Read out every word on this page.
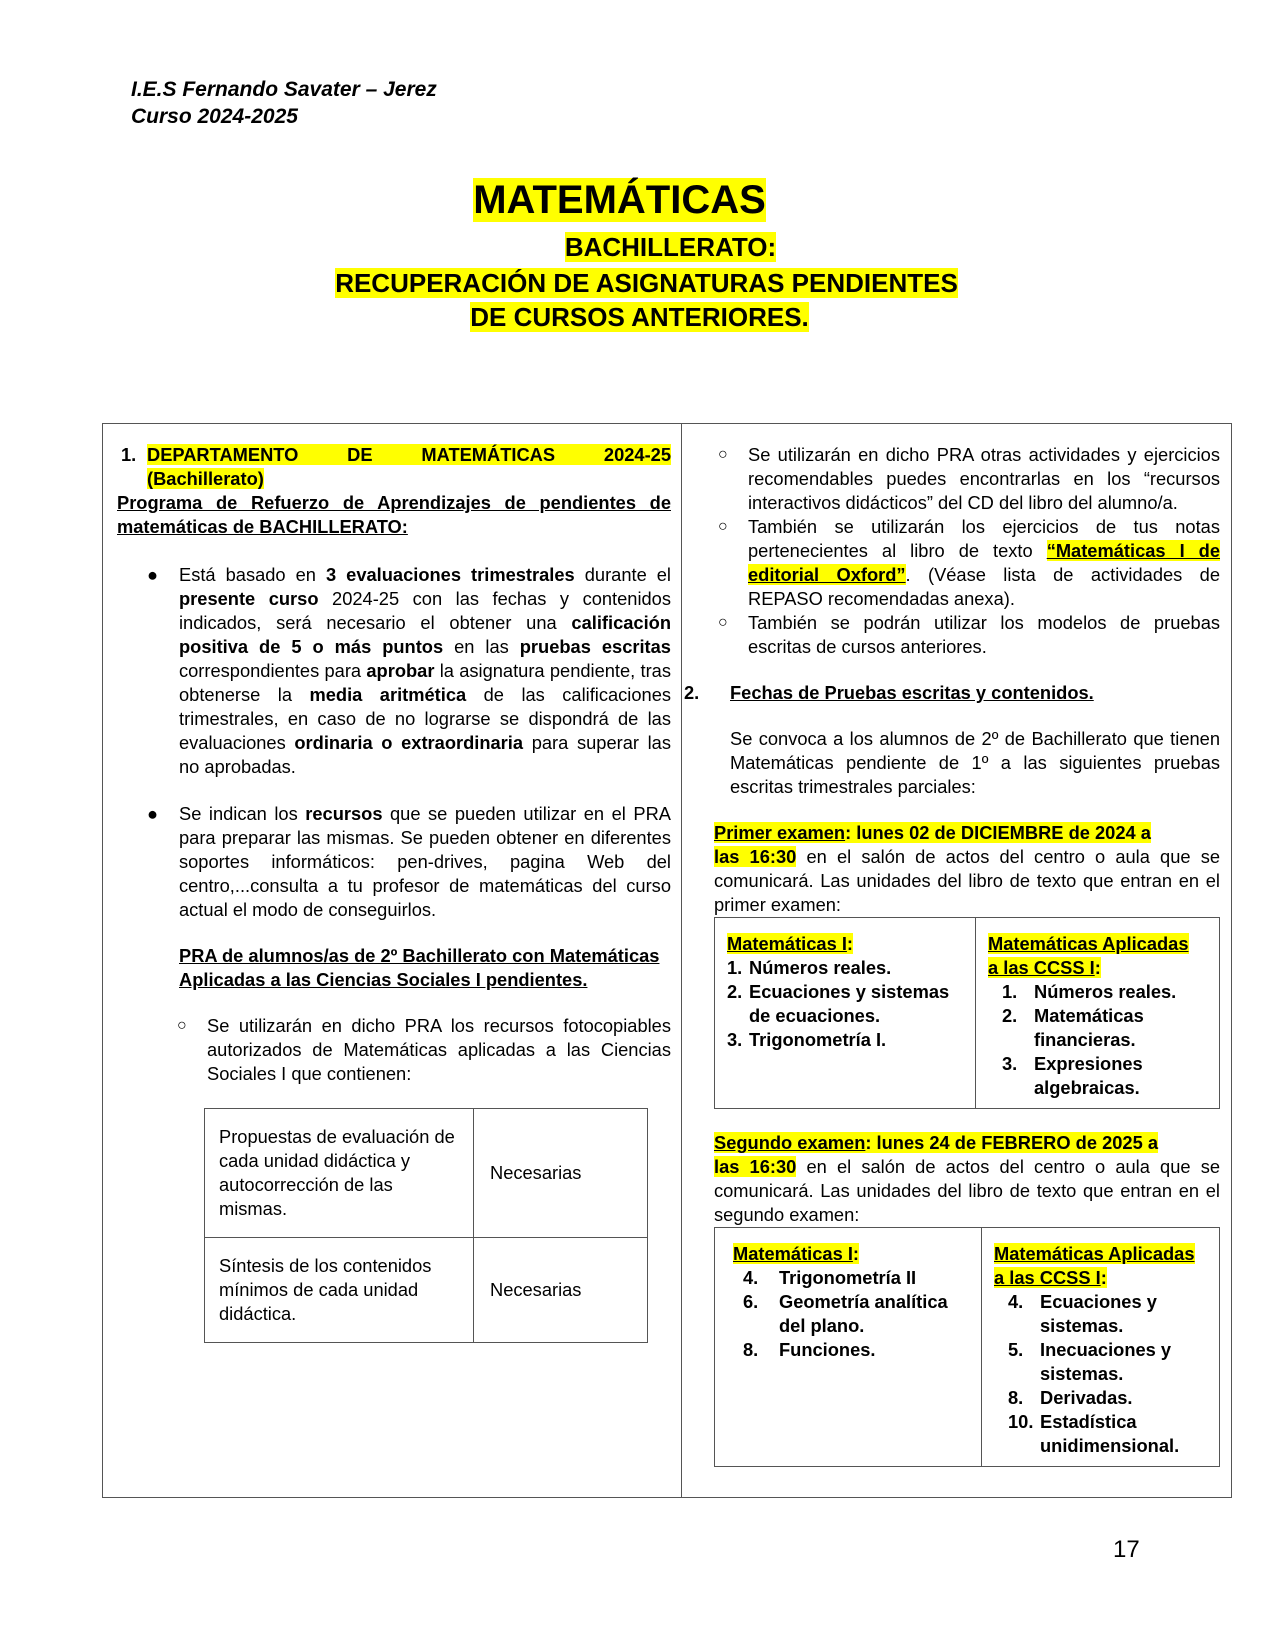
I.E.S Fernando Savater – Jerez
Curso 2024-2025
MATEMÁTICAS
BACHILLERATO:
RECUPERACIÓN DE ASIGNATURAS PENDIENTES
DE CURSOS ANTERIORES.
1. DEPARTAMENTO DE MATEMÁTICAS 2024-25
(Bachillerato)

Programa de Refuerzo de Aprendizajes de pendientes de matemáticas de BACHILLERATO:

● Está basado en 3 evaluaciones trimestrales durante el presente curso 2024-25 con las fechas y contenidos indicados, será necesario el obtener una calificación positiva de 5 o más puntos en las pruebas escritas correspondientes para aprobar la asignatura pendiente, tras obtenerse la media aritmética de las calificaciones trimestrales, en caso de no lograrse se dispondrá de las evaluaciones ordinaria o extraordinaria para superar las no aprobadas.

● Se indican los recursos que se pueden utilizar en el PRA para preparar las mismas. Se pueden obtener en diferentes soportes informáticos: pen-drives, pagina Web del centro,...consulta a tu profesor de matemáticas del curso actual el modo de conseguirlos.

PRA de alumnos/as de 2º Bachillerato con Matemáticas Aplicadas a las Ciencias Sociales I pendientes.

○ Se utilizarán en dicho PRA los recursos fotocopiables autorizados de Matemáticas aplicadas a las Ciencias Sociales I que contienen:

Propuestas de evaluación de cada unidad didáctica y autocorrección de las mismas.	Necesarias
Síntesis de los contenidos mínimos de cada unidad didáctica.	Necesarias
○ Se utilizarán en dicho PRA otras actividades y ejercicios recomendables puedes encontrarlas en los “recursos interactivos didácticos” del CD del libro del alumno/a.

○ También se utilizarán los ejercicios de tus notas pertenecientes al libro de texto “Matemáticas I de editorial Oxford”. (Véase lista de actividades de REPASO recomendadas anexa).

○ También se podrán utilizar los modelos de pruebas escritas de cursos anteriores.

2. Fechas de Pruebas escritas y contenidos.

Se convoca a los alumnos de 2º de Bachillerato que tienen Matemáticas pendiente de 1º a las siguientes pruebas escritas trimestrales parciales:

Primer examen: lunes 02 de DICIEMBRE de 2024 a
las 16:30 en el salón de actos del centro o aula que se comunicará. Las unidades del libro de texto que entran en el primer examen:

Matemáticas I:
1. Números reales.
2. Ecuaciones y sistemas de ecuaciones.
3. Trigonometría I.

Matemáticas Aplicadas
a las CCSS I:
1. Números reales.
2. Matemáticas financieras.
3. Expresiones algebraicas.

Segundo examen: lunes 24 de FEBRERO de 2025 a
las 16:30 en el salón de actos del centro o aula que se comunicará. Las unidades del libro de texto que entran en el segundo examen:

Matemáticas I:
4.	Trigonometría II
6.	Geometría analítica del plano.
8.	Funciones.

Matemáticas Aplicadas
a las CCSS I:
4. Ecuaciones y sistemas.
5. Inecuaciones y sistemas.
8. Derivadas.
10. Estadística unidimensional.
17
